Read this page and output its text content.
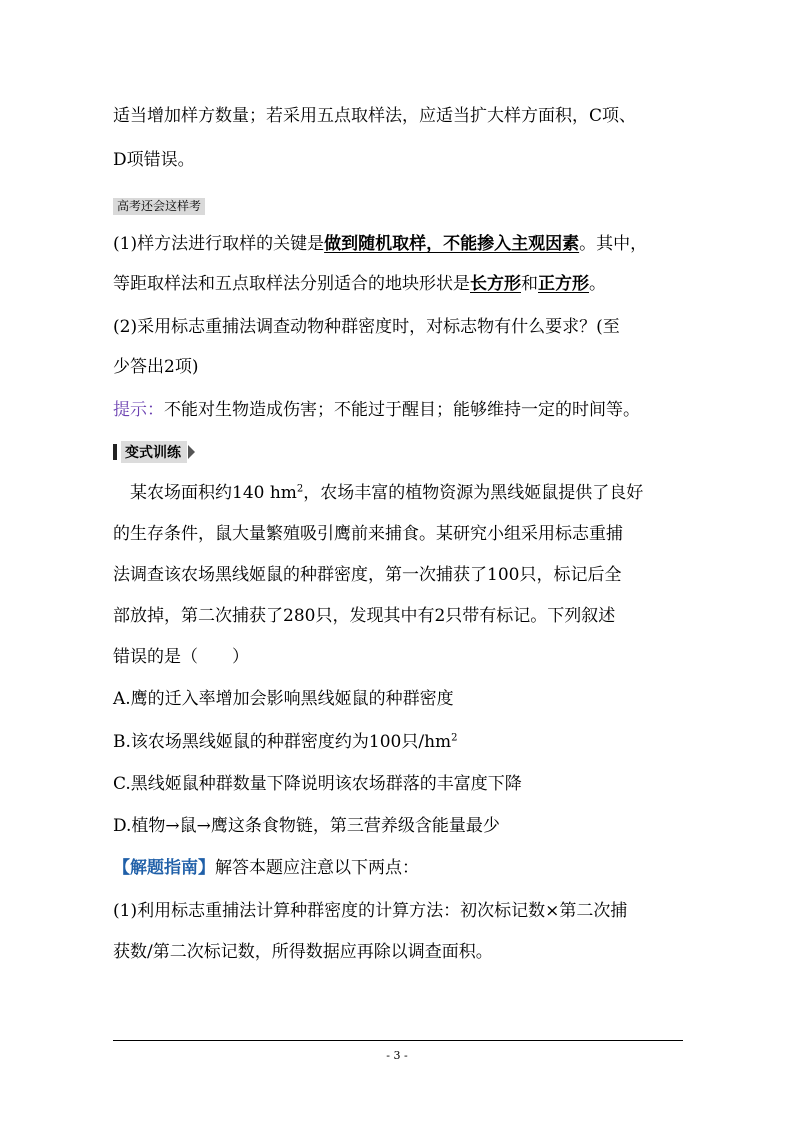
适当增加样方数量；若采用五点取样法，应适当扩大样方面积，C项、
D项错误。
高考还会这样考
(1)样方法进行取样的关键是做到随机取样，不能掺入主观因素。其中，
等距取样法和五点取样法分别适合的地块形状是长方形和正方形。
(2)采用标志重捕法调查动物种群密度时，对标志物有什么要求？(至
少答出2项)
提示：不能对生物造成伤害；不能过于醒目；能够维持一定的时间等。
变式训练
某农场面积约140 $hm^2$，农场丰富的植物资源为黑线姬鼠提供了良好
的生存条件，鼠大量繁殖吸引鹰前来捕食。某研究小组采用标志重捕
法调查该农场黑线姬鼠的种群密度，第一次捕获了100只，标记后全
部放掉，第二次捕获了280只，发现其中有2只带有标记。下列叙述
错误的是（　　）
A.鹰的迁入率增加会影响黑线姬鼠的种群密度
B.该农场黑线姬鼠的种群密度约为100只$/hm^2$
C.黑线姬鼠种群数量下降说明该农场群落的丰富度下降
D.植物→鼠→鹰这条食物链，第三营养级含能量最少
【解题指南】解答本题应注意以下两点：
(1)利用标志重捕法计算种群密度的计算方法：初次标记数×第二次捕
获数/第二次标记数，所得数据应再除以调查面积。
- 3 -
